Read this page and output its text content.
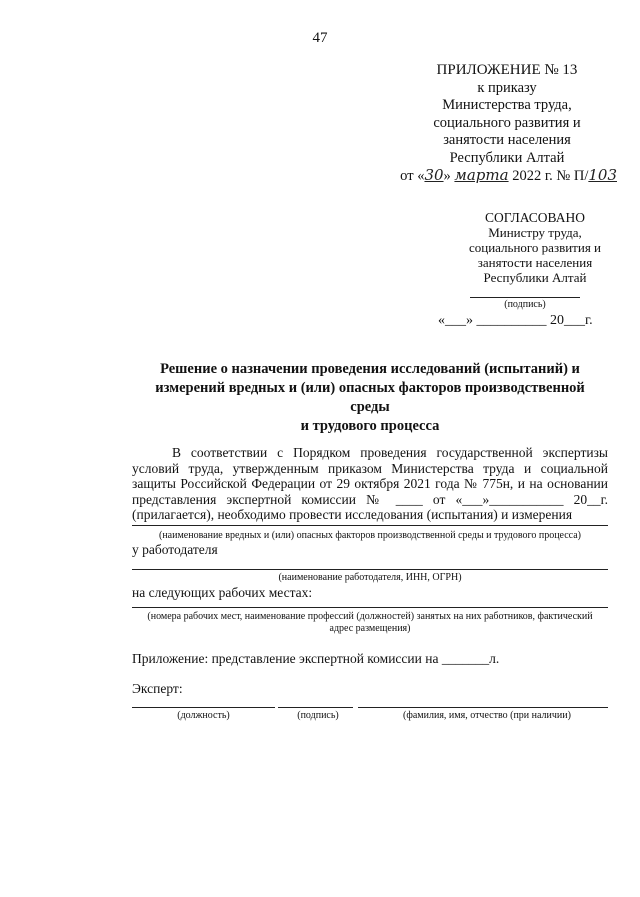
47
ПРИЛОЖЕНИЕ № 13
к приказу
Министерства труда,
социального развития и
занятости населения
Республики Алтай
от «30» марта 2022 г. № П/103
СОГЛАСОВАНО
Министру труда,
социального развития и
занятости населения
Республики Алтай
(подпись)
«___» __________ 20___г.
Решение о назначении проведения исследований (испытаний) и
измерений вредных и (или) опасных факторов производственной
среды
и трудового процесса

В соответствии с Порядком проведения государственной экспертизы условий труда, утвержденным приказом Министерства труда и социальной защиты Российской Федерации от 29 октября 2021 года № 775н, и на основании представления экспертной комиссии № ____ от «___»___________ 20__г. (прилагается), необходимо провести исследования (испытания) и измерения

(наименование вредных и (или) опасных факторов производственной среды и трудового процесса)
у работодателя
(наименование работодателя, ИНН, ОГРН)
на следующих рабочих местах:
(номера рабочих мест, наименование профессий (должностей) занятых на них работников, фактический
адрес размещения)
Приложение: представление экспертной комиссии на _______л.
Эксперт:
(должность)	(подпись)	(фамилия, имя, отчество (при наличии)
